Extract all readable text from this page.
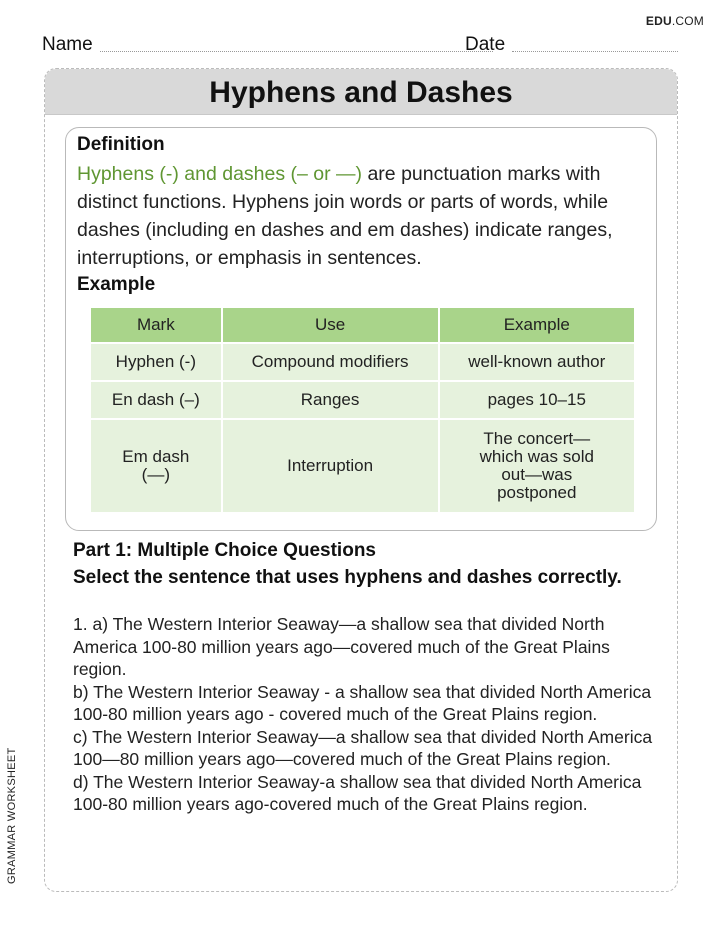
EDU.COM
Name	Date
GRAMMAR WORKSHEET
Hyphens and Dashes
Definition
Hyphens (-) and dashes (– or —) are punctuation marks with distinct functions. Hyphens join words or parts of words, while dashes (including en dashes and em dashes) indicate ranges, interruptions, or emphasis in sentences.
Example
Mark	Use	Example
Hyphen (-)	Compound modifiers	well-known author
En dash (–)	Ranges	pages 10–15
Em dash (—)	Interruption	The concert—which was sold out—was postponed
Part 1: Multiple Choice Questions
Select the sentence that uses hyphens and dashes correctly.
1. a) The Western Interior Seaway—a shallow sea that divided North America 100-80 million years ago—covered much of the Great Plains region.
b) The Western Interior Seaway - a shallow sea that divided North America 100-80 million years ago - covered much of the Great Plains region.
c) The Western Interior Seaway—a shallow sea that divided North America 100—80 million years ago—covered much of the Great Plains region.
d) The Western Interior Seaway-a shallow sea that divided North America 100-80 million years ago-covered much of the Great Plains region.
